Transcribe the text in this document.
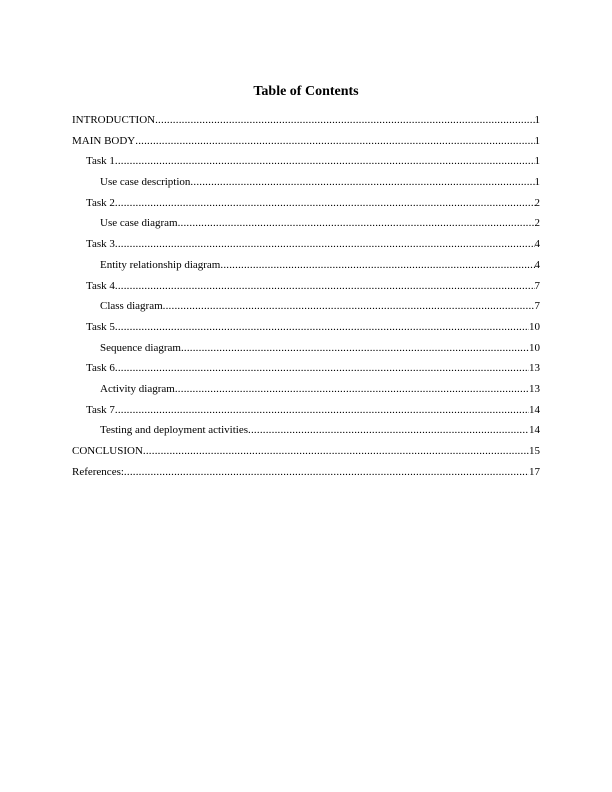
Table of Contents
INTRODUCTION .....	1
MAIN BODY .....	1
Task 1 .....	1
Use case description .....	1
Task 2 .....	2
Use case diagram .....	2
Task 3 .....	4
Entity relationship diagram .....	4
Task 4 .....	7
Class diagram .....	7
Task 5 .....	10
Sequence diagram .....	10
Task 6 .....	13
Activity diagram .....	13
Task 7 .....	14
Testing and deployment activities .....	14
CONCLUSION .....	15
References: .....	17
